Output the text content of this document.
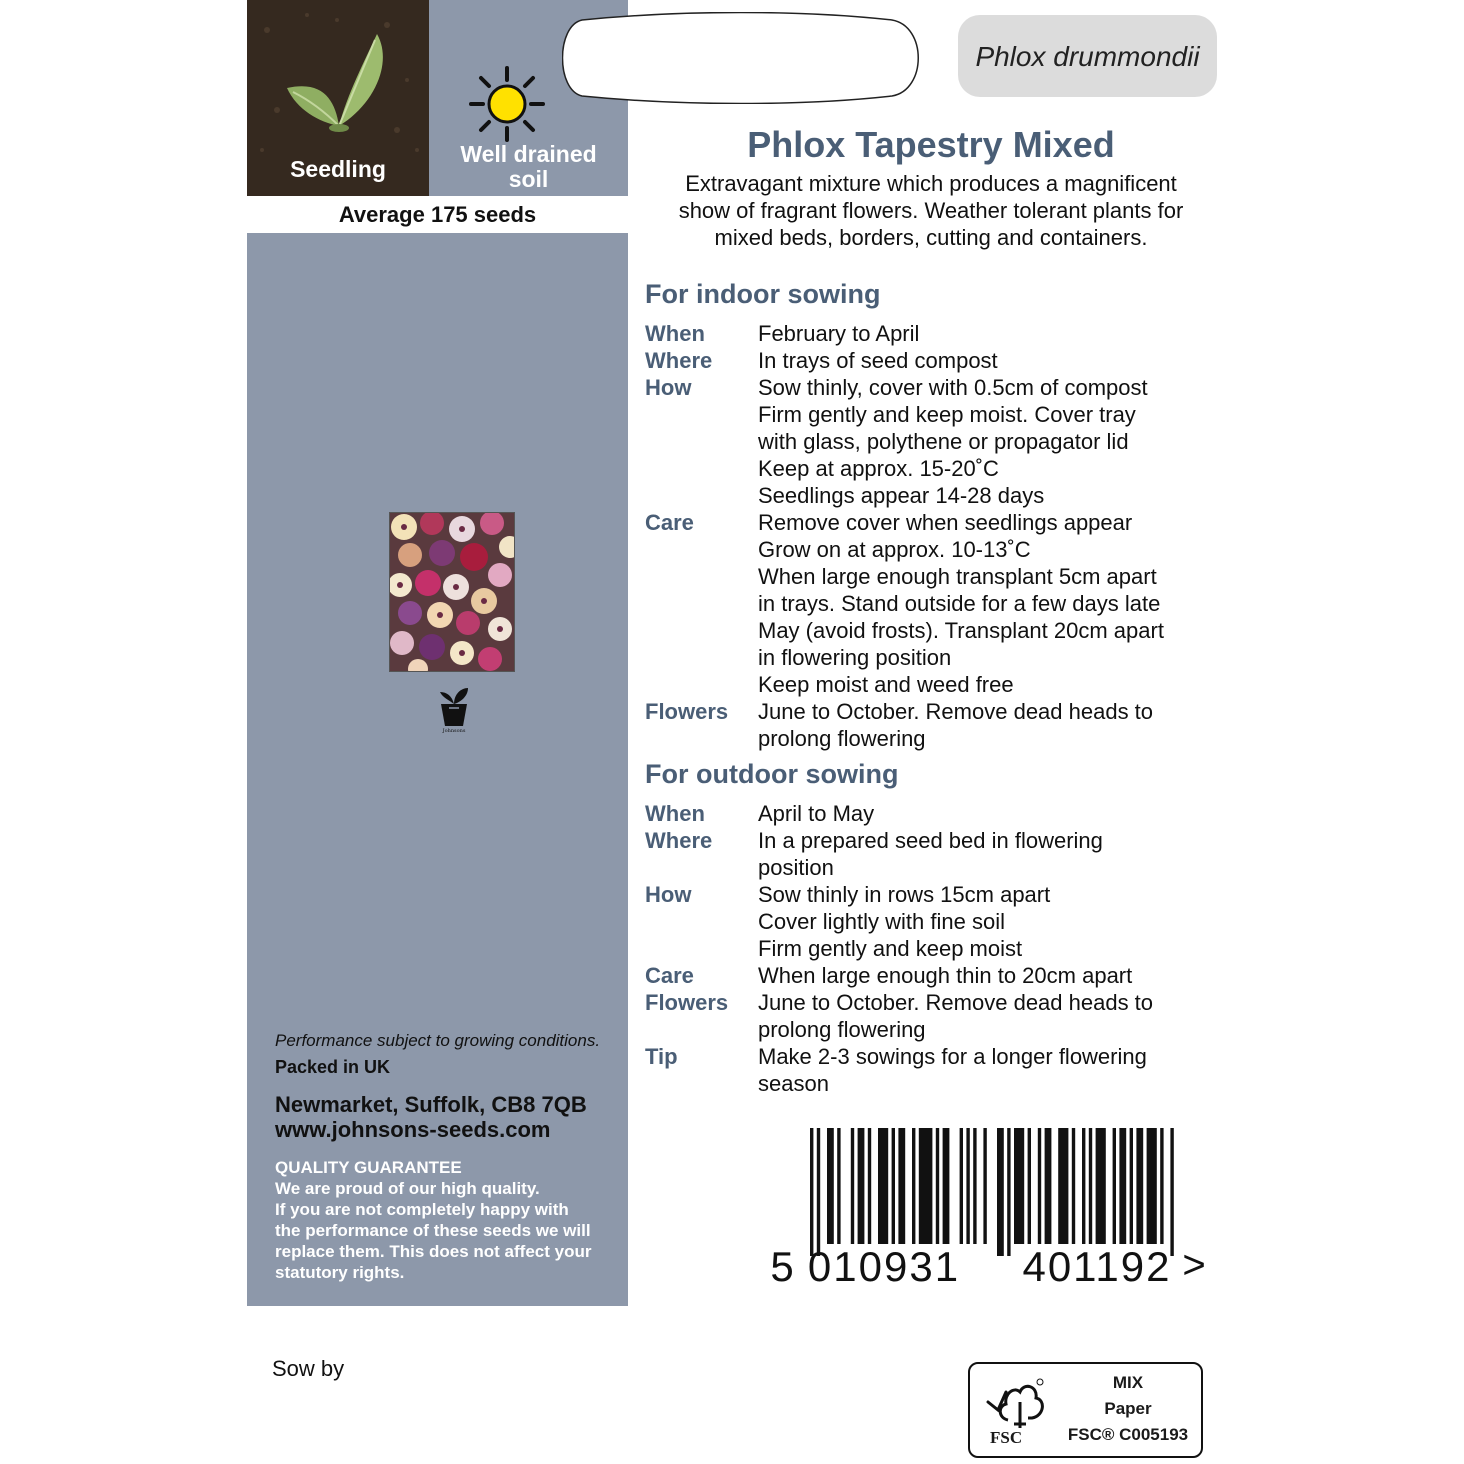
Seedling
Well drained
soil
Average 175 seeds
Johnsons

Performance subject to growing conditions.

Packed in UK

Newmarket, Suffolk, CB8 7QB
www.johnsons-seeds.com

QUALITY GUARANTEE

We are proud of our high quality.
If you are not completely happy with
the performance of these seeds we will
replace them. This does not affect your
statutory rights.

Phlox drummondii
Phlox Tapestry Mixed

Extravagant mixture which produces a magnificent
show of fragrant flowers. Weather tolerant plants for
mixed beds, borders, cutting and containers.

For indoor sowing
When	February to April
Where	In trays of seed compost
How	Sow thinly, cover with 0.5cm of compost
Firm gently and keep moist. Cover tray
with glass, polythene or propagator lid
Keep at approx. 15-20˚C
Seedlings appear 14-28 days
Care	Remove cover when seedlings appear
Grow on at approx. 10-13˚C
When large enough transplant 5cm apart
in trays. Stand outside for a few days late
May (avoid frosts). Transplant 20cm apart
in flowering position
Keep moist and weed free
Flowers	June to October. Remove dead heads to
prolong flowering
For outdoor sowing
When	April to May
Where	In a prepared seed bed in flowering
position
How	Sow thinly in rows 15cm apart
Cover lightly with fine soil
Firm gently and keep moist
Care	When large enough thin to 20cm apart
Flowers	June to October. Remove dead heads to
prolong flowering
Tip	Make 2-3 sowings for a longer flowering
season
5 010931 401192 >
Sow by
FSC
MIX
Paper
FSC® C005193
